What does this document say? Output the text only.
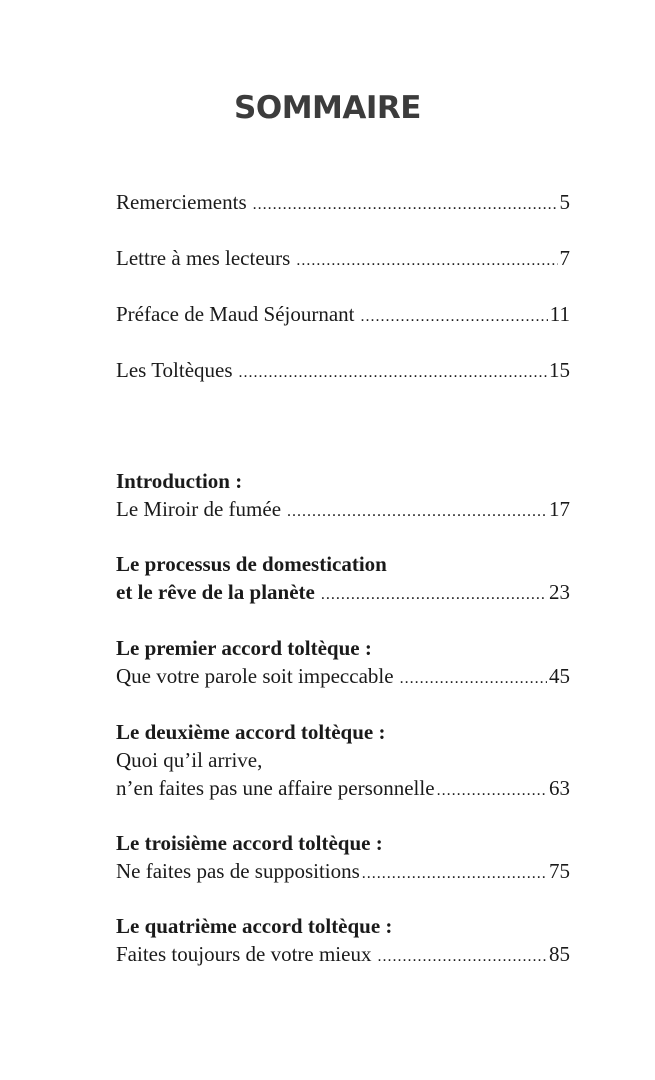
SOMMAIRE
Remerciements .....	5
Lettre à mes lecteurs .....	7
Préface de Maud Séjournant .....	11
Les Toltèques .....	15
Introduction :
Le Miroir de fumée .....	17
Le processus de domestication
et le rêve de la planète .....	23
Le premier accord toltèque :
Que votre parole soit impeccable .....	45
Le deuxième accord toltèque :
Quoi qu’il arrive,
n’en faites pas une affaire personnelle .....	63
Le troisième accord toltèque :
Ne faites pas de suppositions .....	75
Le quatrième accord toltèque :
Faites toujours de votre mieux .....	85
